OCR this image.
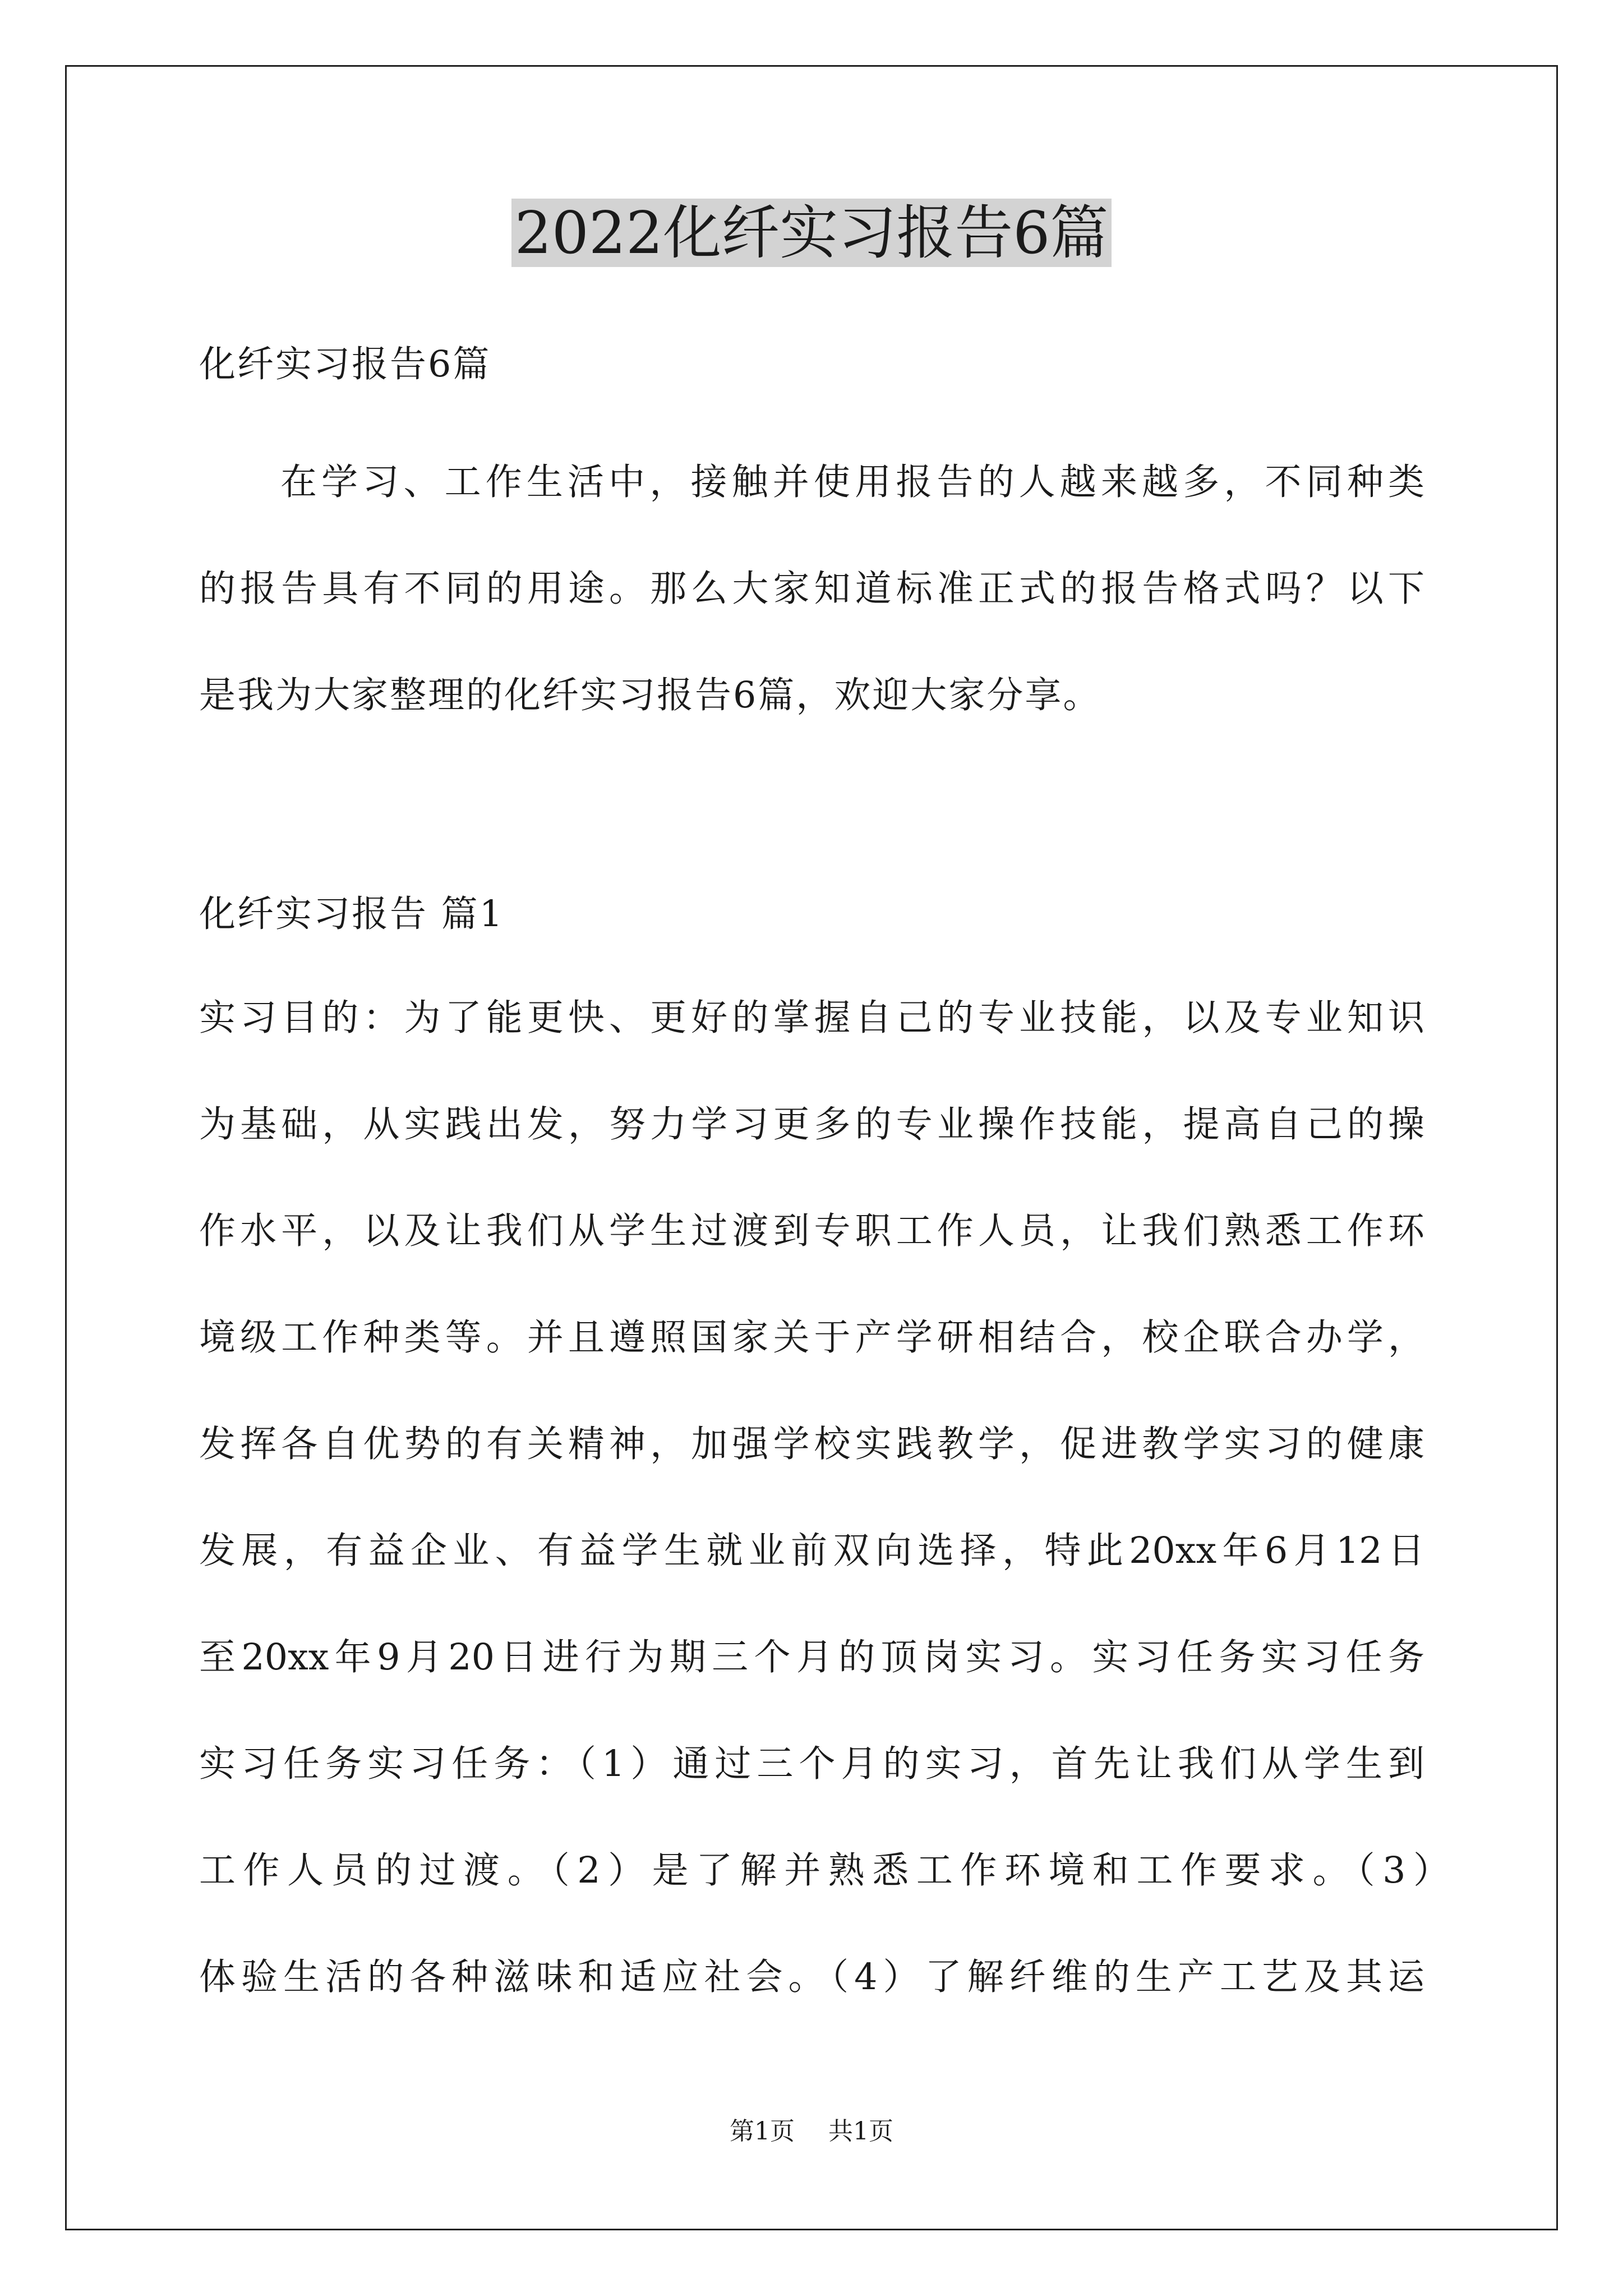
2022化纤实习报告6篇
化纤实习报告6篇
在学习、工作生活中，接触并使用报告的人越来越多，不同种类
的报告具有不同的用途。那么大家知道标准正式的报告格式吗？以下
是我为大家整理的化纤实习报告6篇，欢迎大家分享。
化纤实习报告 篇1
实习目的：为了能更快、更好的掌握自己的专业技能，以及专业知识
为基础，从实践出发，努力学习更多的专业操作技能，提高自己的操
作水平，以及让我们从学生过渡到专职工作人员，让我们熟悉工作环
境级工作种类等。并且遵照国家关于产学研相结合，校企联合办学，
发挥各自优势的有关精神，加强学校实践教学，促进教学实习的健康
发展，有益企业、有益学生就业前双向选择，特此20xx年6月12日
至20xx年9月20日进行为期三个月的顶岗实习。实习任务实习任务
实习任务实习任务：（1）通过三个月的实习，首先让我们从学生到
工作人员的过渡。（2）是了解并熟悉工作环境和工作要求。（3）
体验生活的各种滋味和适应社会。（4）了解纤维的生产工艺及其运
第1页 共1页
